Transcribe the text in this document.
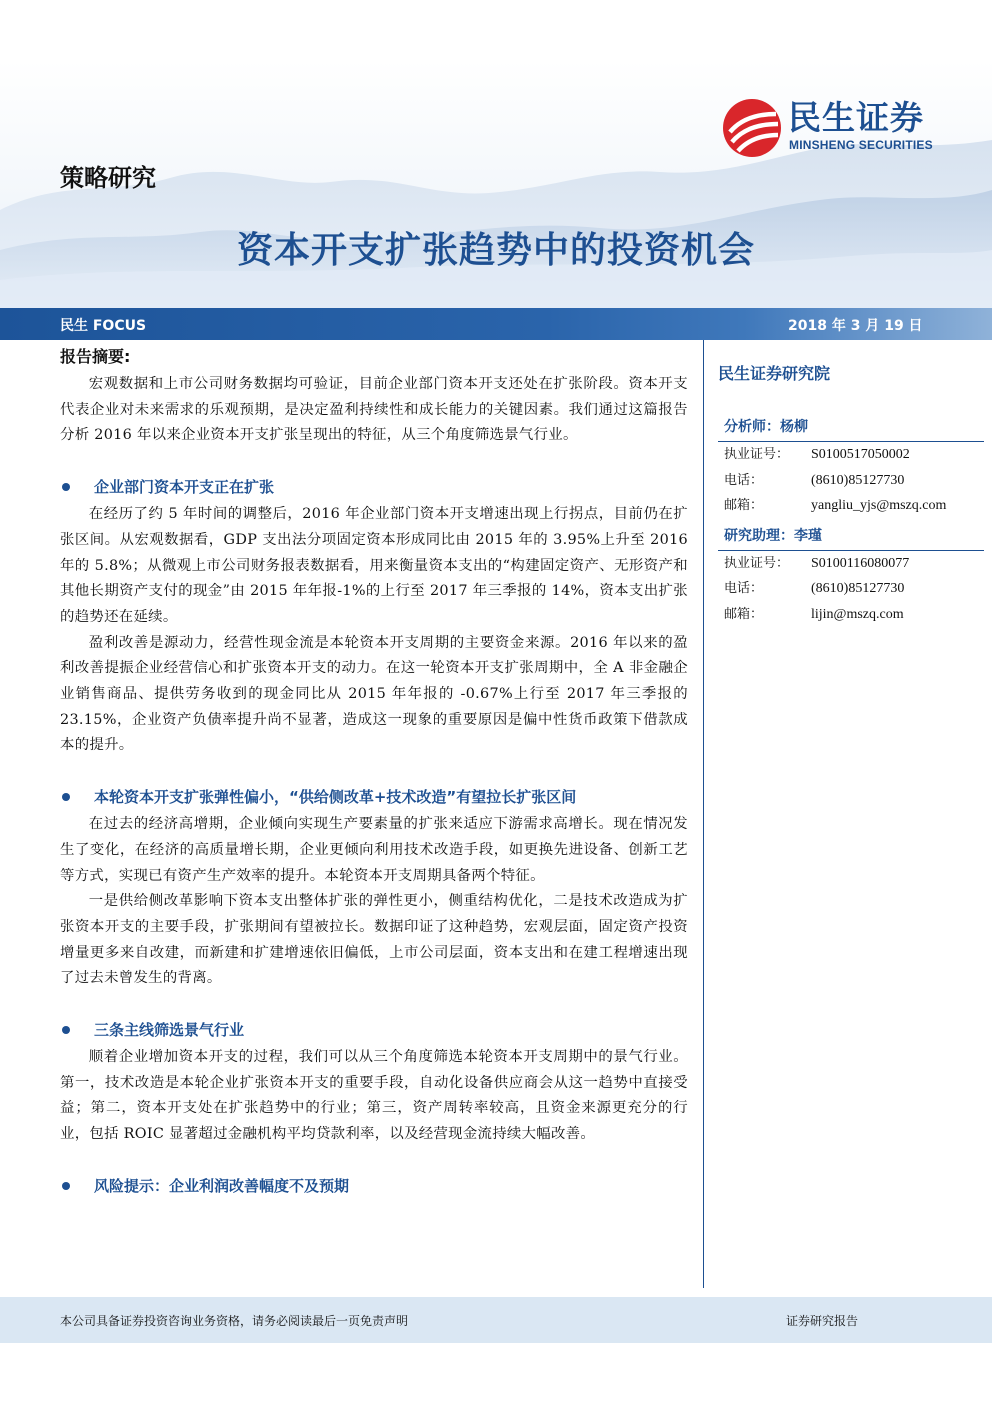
民生证券
MINSHENG SECURITIES
策略研究
资本开支扩张趋势中的投资机会
民生 FOCUS	2018 年 3 月 19 日
报告摘要:

宏观数据和上市公司财务数据均可验证，目前企业部门资本开支还处在扩张阶段。资本开支代表企业对未来需求的乐观预期，是决定盈利持续性和成长能力的关键因素。我们通过这篇报告分析 2016 年以来企业资本开支扩张呈现出的特征，从三个角度筛选景气行业。

企业部门资本开支正在扩张

在经历了约 5 年时间的调整后，2016 年企业部门资本开支增速出现上行拐点，目前仍在扩张区间。从宏观数据看，GDP 支出法分项固定资本形成同比由 2015 年的 3.95%上升至 2016 年的 5.8%；从微观上市公司财务报表数据看，用来衡量资本支出的“构建固定资产、无形资产和其他长期资产支付的现金”由 2015 年年报-1%的上行至 2017 年三季报的 14%，资本支出扩张的趋势还在延续。

盈利改善是源动力，经营性现金流是本轮资本开支周期的主要资金来源。2016 年以来的盈利改善提振企业经营信心和扩张资本开支的动力。在这一轮资本开支扩张周期中，全 A 非金融企业销售商品、提供劳务收到的现金同比从 2015 年年报的 -0.67%上行至 2017 年三季报的 23.15%，企业资产负债率提升尚不显著，造成这一现象的重要原因是偏中性货币政策下借款成本的提升。

本轮资本开支扩张弹性偏小，“供给侧改革+技术改造”有望拉长扩张区间

在过去的经济高增期，企业倾向实现生产要素量的扩张来适应下游需求高增长。现在情况发生了变化，在经济的高质量增长期，企业更倾向利用技术改造手段，如更换先进设备、创新工艺等方式，实现已有资产生产效率的提升。本轮资本开支周期具备两个特征。

一是供给侧改革影响下资本支出整体扩张的弹性更小，侧重结构优化，二是技术改造成为扩张资本开支的主要手段，扩张期间有望被拉长。数据印证了这种趋势，宏观层面，固定资产投资增量更多来自改建，而新建和扩建增速依旧偏低，上市公司层面，资本支出和在建工程增速出现了过去未曾发生的背离。

三条主线筛选景气行业

顺着企业增加资本开支的过程，我们可以从三个角度筛选本轮资本开支周期中的景气行业。第一，技术改造是本轮企业扩张资本开支的重要手段，自动化设备供应商会从这一趋势中直接受益；第二，资本开支处在扩张趋势中的行业；第三，资产周转率较高，且资金来源更充分的行业，包括 ROIC 显著超过金融机构平均贷款利率，以及经营现金流持续大幅改善。

风险提示：企业利润改善幅度不及预期
民生证券研究院
分析师：杨柳
执业证号： S0100517050002
电话：	(8610)85127730
邮箱：	yangliu_yjs@mszq.com
研究助理：李瑾
执业证号： S0100116080077
电话：	(8610)85127730
邮箱：	lijin@mszq.com
本公司具备证券投资咨询业务资格，请务必阅读最后一页免责声明	证券研究报告
